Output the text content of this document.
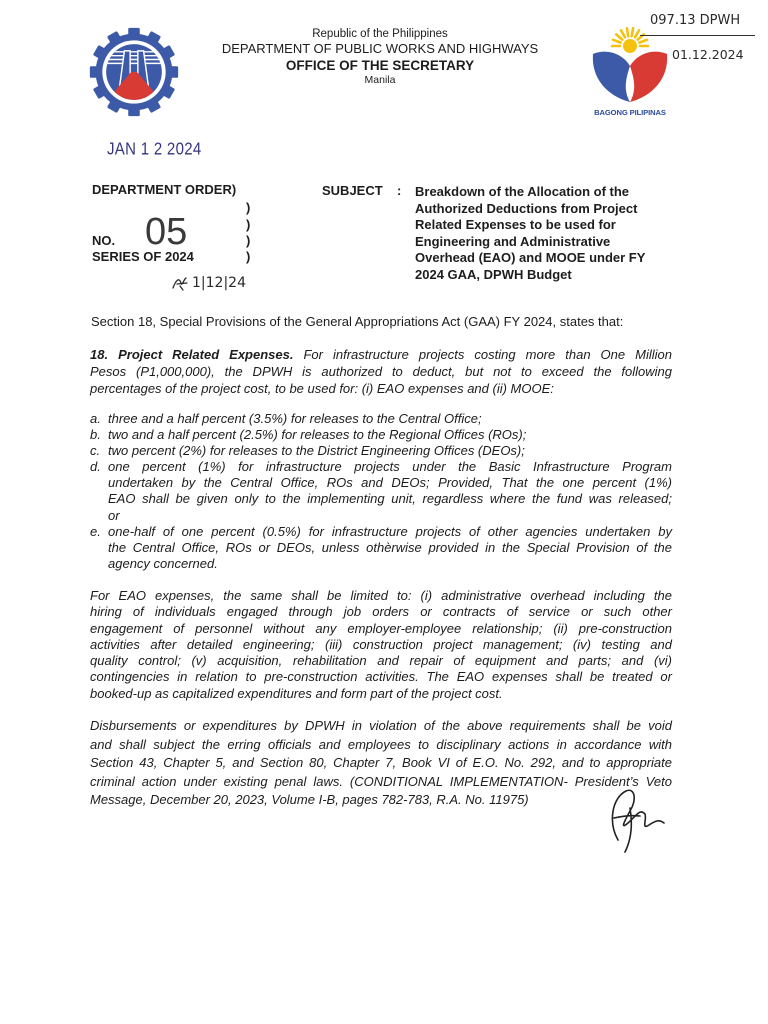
Republic of the Philippines
DEPARTMENT OF PUBLIC WORKS AND HIGHWAYS
OFFICE OF THE SECRETARY
Manila
BAGONG PILIPINAS
097.13 DPWH
01.12.2024
JAN 1 2 2024
DEPARTMENT ORDER)
)
)
)
)
NO. 05
SERIES OF 2024
1|12|24
SUBJECT : Breakdown of the Allocation of the
Authorized Deductions from Project
Related Expenses to be used for
Engineering and Administrative
Overhead (EAO) and MOOE under FY
2024 GAA, DPWH Budget
Section 18, Special Provisions of the General Appropriations Act (GAA) FY 2024, states that:
18. Project Related Expenses. For infrastructure projects costing more than One Million
Pesos (P1,000,000), the DPWH is authorized to deduct, but not to exceed the following
percentages of the project cost, to be used for: (i) EAO expenses and (ii) MOOE:
a. three and a half percent (3.5%) for releases to the Central Office;
b. two and a half percent (2.5%) for releases to the Regional Offices (ROs);
c. two percent (2%) for releases to the District Engineering Offices (DEOs);
d. one percent (1%) for infrastructure projects under the Basic Infrastructure Program
undertaken by the Central Office, ROs and DEOs; Provided, That the one percent (1%)
EAO shall be given only to the implementing unit, regardless where the fund was released;
or
e. one-half of one percent (0.5%) for infrastructure projects of other agencies undertaken by
the Central Office, ROs or DEOs, unless othèrwise provided in the Special Provision of the
agency concerned.
For EAO expenses, the same shall be limited to: (i) administrative overhead including the
hiring of individuals engaged through job orders or contracts of service or such other
engagement of personnel without any employer-employee relationship; (ii) pre-construction
activities after detailed engineering; (iii) construction project management; (iv) testing and
quality control; (v) acquisition, rehabilitation and repair of equipment and parts; and (vi)
contingencies in relation to pre-construction activities. The EAO expenses shall be treated or
booked-up as capitalized expenditures and form part of the project cost.
Disbursements or expenditures by DPWH in violation of the above requirements shall be void
and shall subject the erring officials and employees to disciplinary actions in accordance with
Section 43, Chapter 5, and Section 80, Chapter 7, Book VI of E.O. No. 292, and to appropriate
criminal action under existing penal laws. (CONDITIONAL IMPLEMENTATION- President’s Veto
Message, December 20, 2023, Volume I-B, pages 782-783, R.A. No. 11975)
